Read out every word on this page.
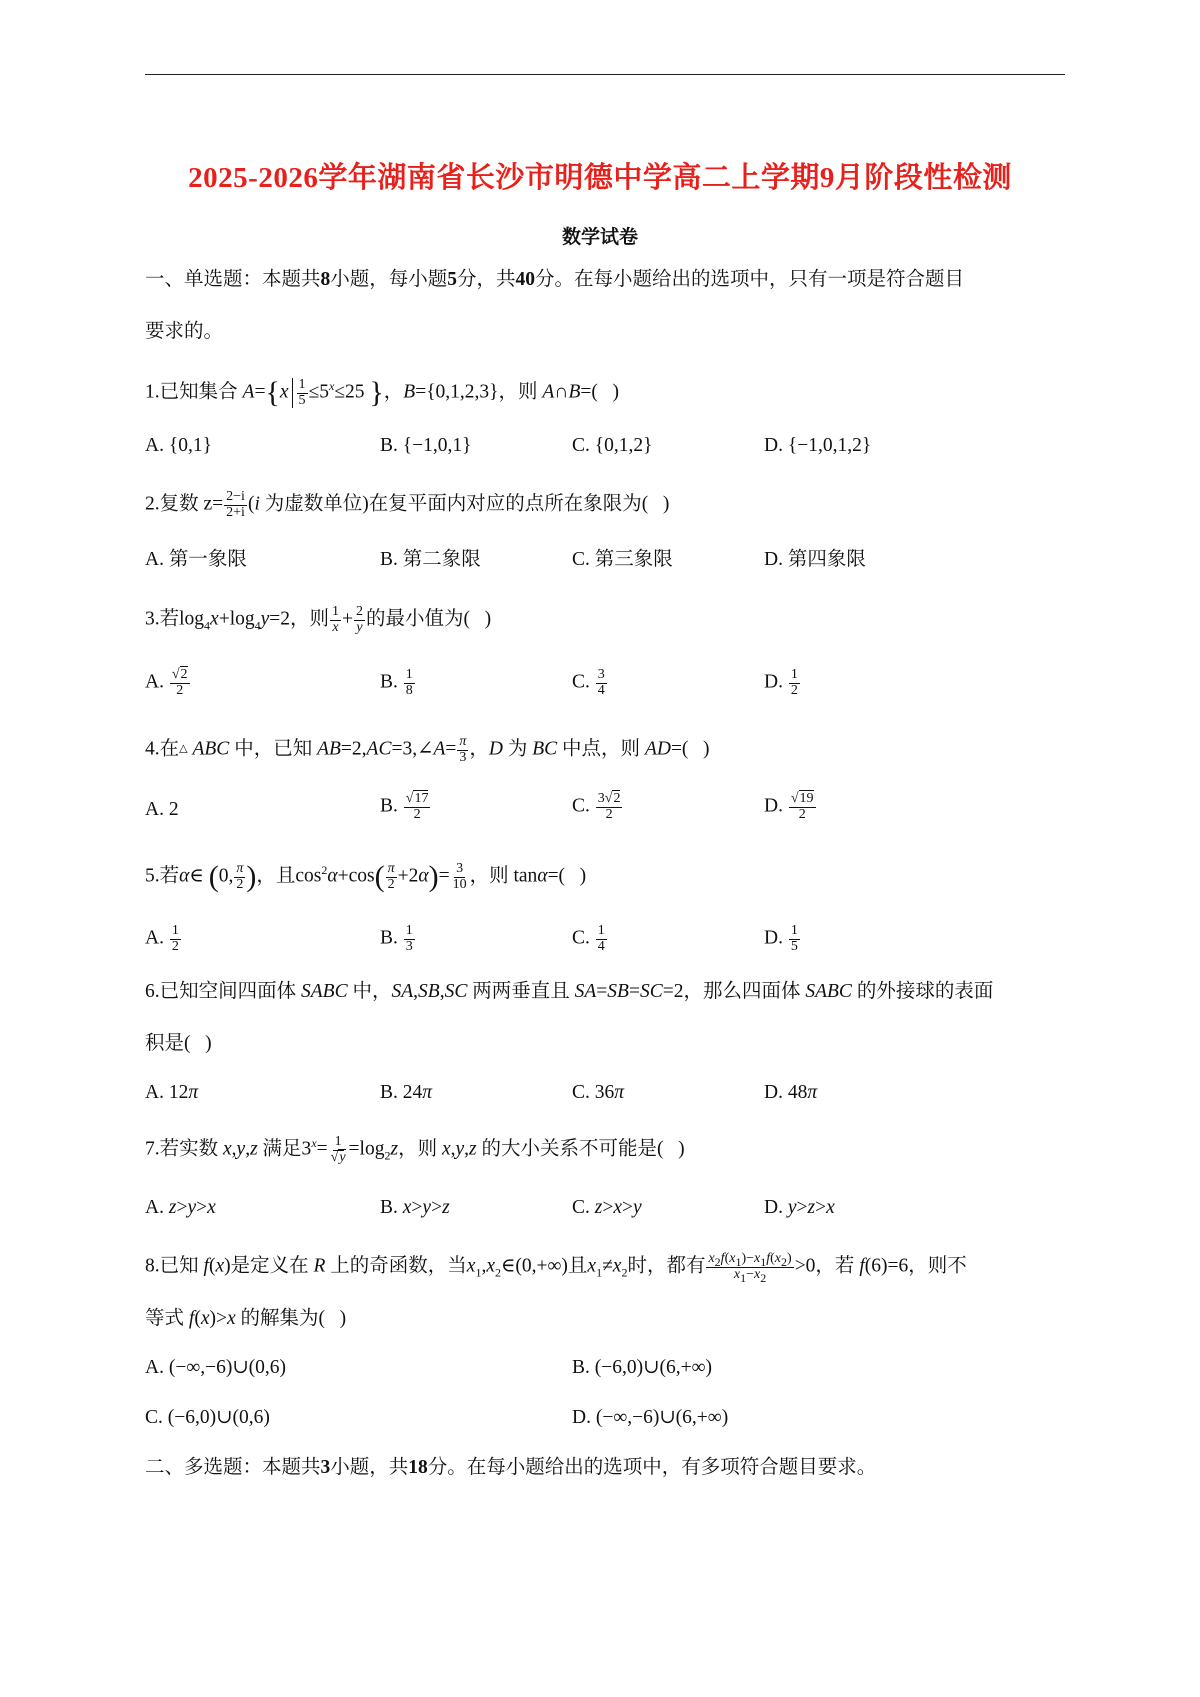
2025-2026学年湖南省长沙市明德中学高二上学期9月阶段性检测
数学试卷
一、单选题：本题共8小题，每小题5分，共40分。在每小题给出的选项中，只有一项是符合题目
要求的。
1.已知集合 $A=\{x \frac{1}{5} \le 5^x\le 25$ }，B={0,1,2,3}，则 A∩B=(   )
A. {0,1}	B. {−1,0,1}	C. {0,1,2}	D. {−1,0,1,2}
2.复数 $z= \frac{2-i}{2+i} (i$ 为虚数单位)在复平面内对应的点所在象限为(   )
A. 第一象限	B. 第二象限	C. 第三象限	D. 第四象限
3.若$\log_4x+\log_4y=2$，则 $\frac{1}{x} + \frac{2}{y}$ 的最小值为(   )
A. $\frac{√2}{2}$	B. $\frac{1}{8}$	C. $\frac{3}{4}$	D. $\frac{1}{2}$
4.在△ ABC 中，已知 AB=2,AC=3,∠A= $\frac{\pi}{3}$ ，D 为 BC 中点，则 AD=(   )
A. 2	B. $\frac{√17}{2}$	C. $\frac{3√2}{2}$	D. $\frac{√19}{2}$
5.若α∈ (0, $\frac{\pi}{2}$ )，且$\cos^2\alpha+\cos( \frac{\pi}{2} +2\alpha)= \frac{3}{10}$ ，则 tanα=(   )
A. $\frac{1}{2}$	B. $\frac{1}{3}$	C. $\frac{1}{4}$	D. $\frac{1}{5}$
6.已知空间四面体 SABC 中，SA,SB,SC 两两垂直且 SA=SB=SC=2，那么四面体 SABC 的外接球的表面
积是(   )
A. 12π	B. 24π	C. 36π	D. 48π
7.若实数 x,y,z 满足$3^x= \frac{1}{√y} =\log_2z$，则 x,y,z 的大小关系不可能是(   )
A. z>y>x	B. x>y>z	C. z>x>y	D. y>z>x
8.已知 f(x)是定义在 R 上的奇函数，当$x_1,x_2\in(0,+\infty)$且$x_1\ne x_2$时，都有 $\frac{x_2f(x_1)-x_1f(x_2)}{x_1-x_2} >0$，若 f(6)=6，则不
等式 f(x)>x 的解集为(   )
A. (−∞,−6)∪(0,6)	B. (−6,0)∪(6,+∞)
C. (−6,0)∪(0,6)	D. (−∞,−6)∪(6,+∞)
二、多选题：本题共3小题，共18分。在每小题给出的选项中，有多项符合题目要求。
